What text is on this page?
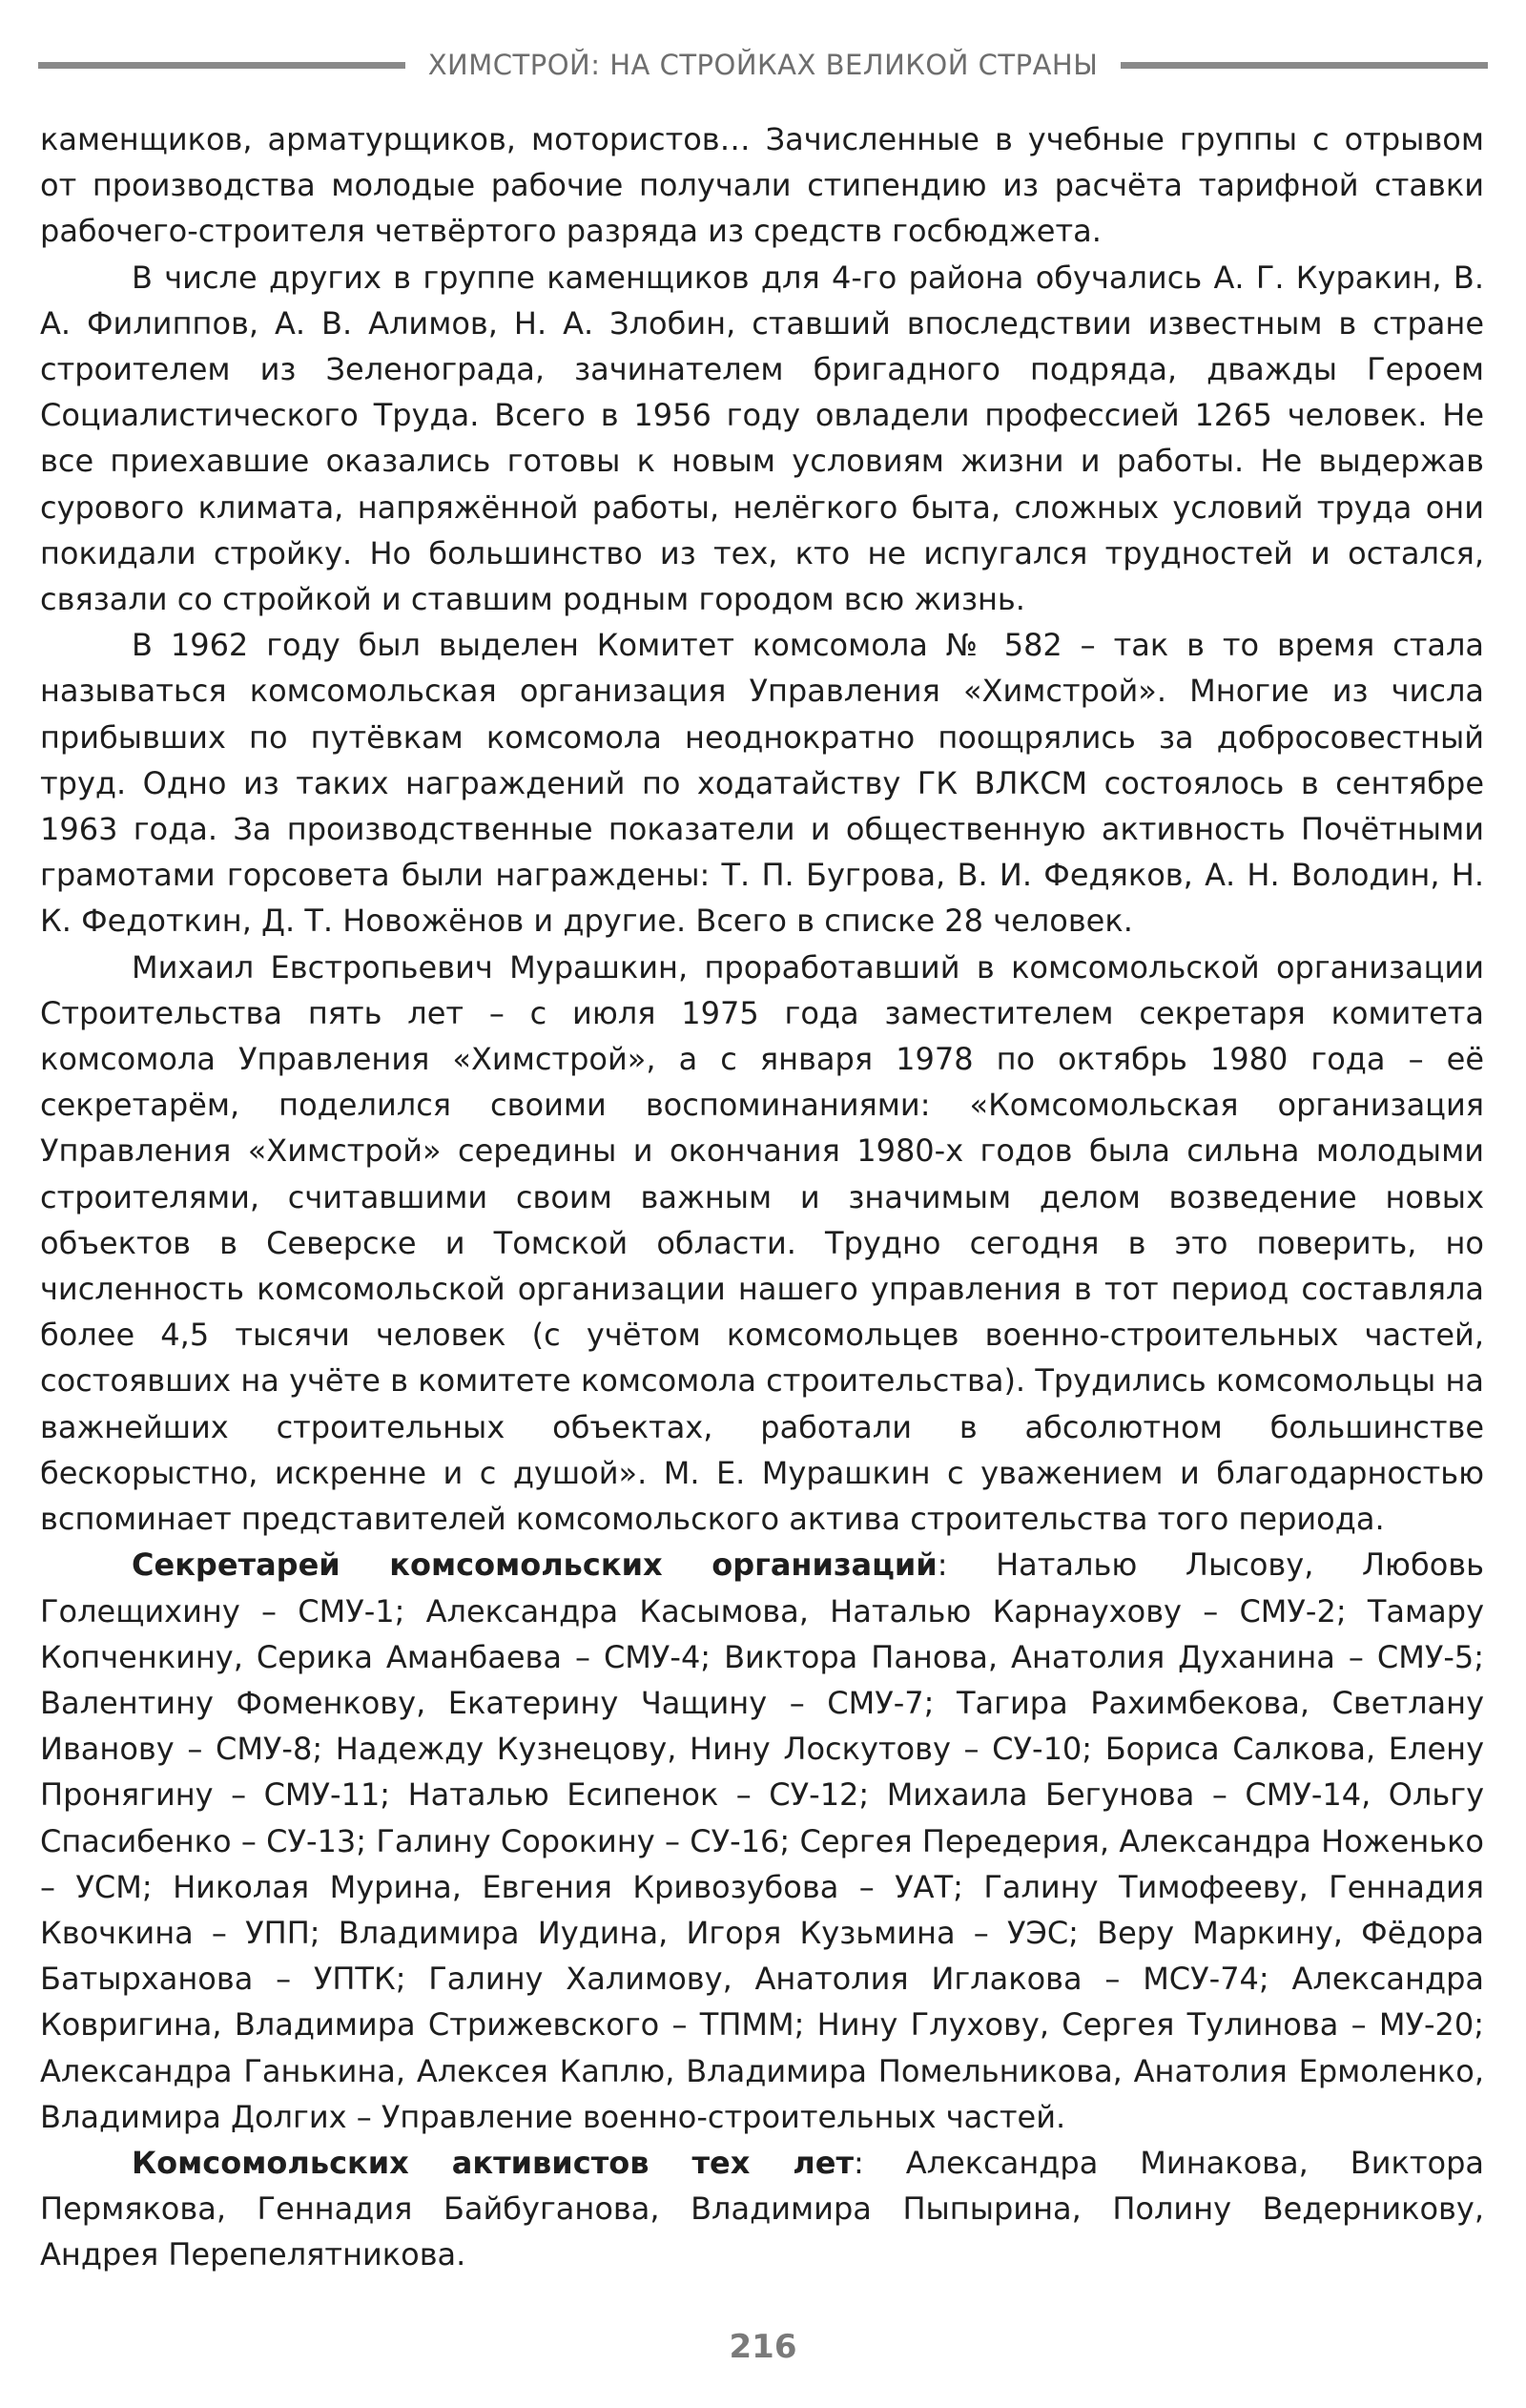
ХИМСТРОЙ: НА СТРОЙКАХ ВЕЛИКОЙ СТРАНЫ

каменщиков, арматурщиков, мотористов… Зачисленные в учебные группы с отрывом от производства молодые рабочие получали стипендию из расчёта тарифной ставки рабочего-строителя четвёртого разряда из средств госбюджета.

В числе других в группе каменщиков для 4-го района обучались А. Г. Куракин, В. А. Филиппов, А. В. Алимов, Н. А. Злобин, ставший впоследствии известным в стране строителем из Зеленограда, зачинателем бригадного подряда, дважды Героем Социалистического Труда. Всего в 1956 году овладели профессией 1265 человек. Не все приехавшие оказались готовы к новым условиям жизни и работы. Не выдержав сурового климата, напряжённой работы, нелёгкого быта, сложных условий труда они покидали стройку. Но большинство из тех, кто не испугался трудностей и остался, связали со стройкой и ставшим родным городом всю жизнь.

В 1962 году был выделен Комитет комсомола № 582 – так в то время стала называться комсомольская организация Управления «Химстрой». Многие из числа прибывших по путёвкам комсомола неоднократно поощрялись за добросовестный труд. Одно из таких награждений по ходатайству ГК ВЛКСМ состоялось в сентябре 1963 года. За производственные показатели и общественную активность Почётными грамотами горсовета были награждены: Т. П. Бугрова, В. И. Федяков, А. Н. Володин, Н. К. Федоткин, Д. Т. Новожёнов и другие. Всего в списке 28 человек.

Михаил Евстропьевич Мурашкин, проработавший в комсомольской организации Строительства пять лет – с июля 1975 года заместителем секретаря комитета комсомола Управления «Химстрой», а с января 1978 по октябрь 1980 года – её секретарём, поделился своими воспоминаниями: «Комсомольская организация Управления «Химстрой» середины и окончания 1980-х годов была сильна молодыми строителями, считавшими своим важным и значимым делом возведение новых объектов в Северске и Томской области. Трудно сегодня в это поверить, но численность комсомольской организации нашего управления в тот период составляла более 4,5 тысячи человек (с учётом комсомольцев военно-строительных частей, состоявших на учёте в комитете комсомола строительства). Трудились комсомольцы на важнейших строительных объектах, работали в абсолютном большинстве бескорыстно, искренне и с душой». М. Е. Мурашкин с уважением и благодарностью вспоминает представителей комсомольского актива строительства того периода.

Секретарей комсомольских организаций: Наталью Лысову, Любовь Голещихину – СМУ-1; Александра Касымова, Наталью Карнаухову – СМУ-2; Тамару Копченкину, Серика Аманбаева – СМУ-4; Виктора Панова, Анатолия Духанина – СМУ-5; Валентину Фоменкову, Екатерину Чащину – СМУ-7; Тагира Рахимбекова, Светлану Иванову – СМУ-8; Надежду Кузнецову, Нину Лоскутову – СУ-10; Бориса Салкова, Елену Пронягину – СМУ-11; Наталью Есипенок – СУ-12; Михаила Бегунова – СМУ-14, Ольгу Спасибенко – СУ-13; Галину Сорокину – СУ-16; Сергея Передерия, Александра Ноженько – УСМ; Николая Мурина, Евгения Кривозубова – УАТ; Галину Тимофееву, Геннадия Квочкина – УПП; Владимира Иудина, Игоря Кузьмина – УЭС; Веру Маркину, Фёдора Батырханова – УПТК; Галину Халимову, Анатолия Иглакова – МСУ-74; Александра Ковригина, Владимира Стрижевского – ТПММ; Нину Глухову, Сергея Тулинова – МУ-20; Александра Ганькина, Алексея Каплю, Владимира Помельникова, Анатолия Ермоленко, Владимира Долгих – Управление военно-строительных частей.

Комсомольских активистов тех лет: Александра Минакова, Виктора Пермякова, Геннадия Байбуганова, Владимира Пыпырина, Полину Ведерникову, Андрея Перепелятникова.

216
